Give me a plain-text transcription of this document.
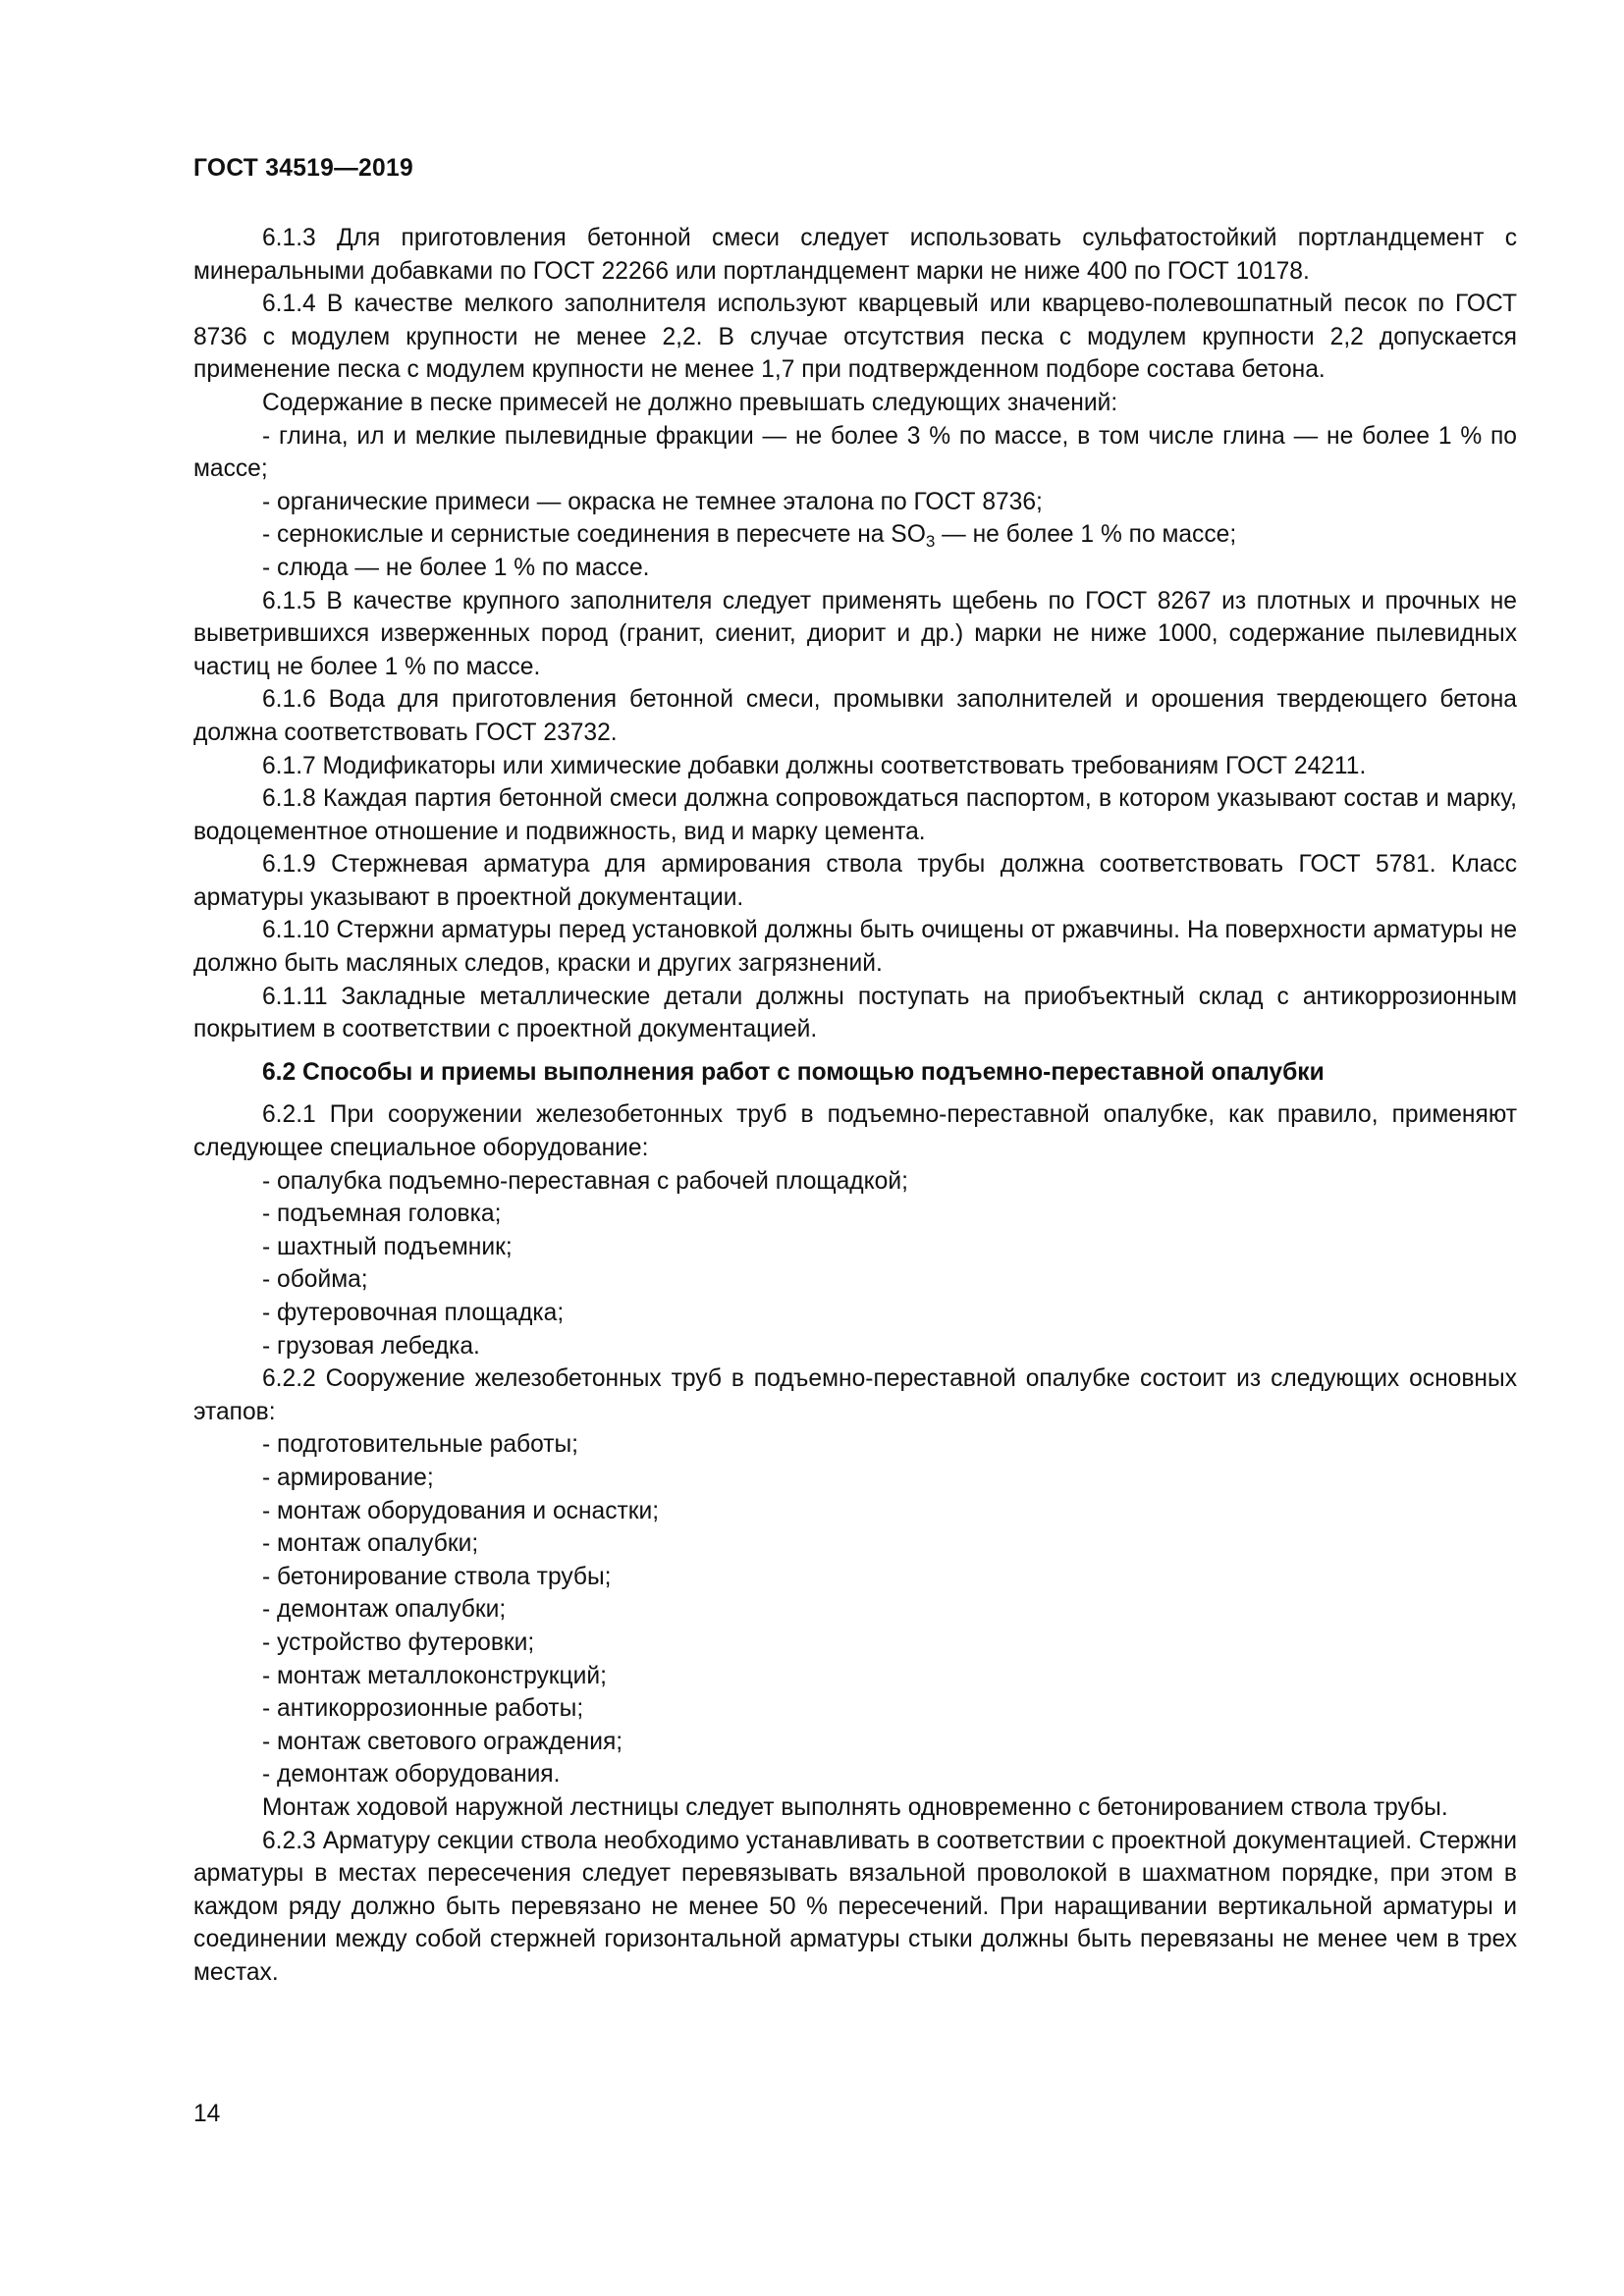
ГОСТ 34519—2019

6.1.3 Для приготовления бетонной смеси следует использовать сульфатостойкий портландцемент с минеральными добавками по ГОСТ 22266 или портландцемент марки не ниже 400 по ГОСТ 10178.

6.1.4 В качестве мелкого заполнителя используют кварцевый или кварцево-полевошпатный песок по ГОСТ 8736 с модулем крупности не менее 2,2. В случае отсутствия песка с модулем крупности 2,2 допускается применение песка с модулем крупности не менее 1,7 при подтвержденном подборе состава бетона.

Содержание в песке примесей не должно превышать следующих значений:

- глина, ил и мелкие пылевидные фракции — не более 3 % по массе, в том числе глина — не более 1 % по массе;

- органические примеси — окраска не темнее эталона по ГОСТ 8736;

- сернокислые и сернистые соединения в пересчете на $SO_3$ — не более 1 % по массе;

- слюда — не более 1 % по массе.

6.1.5 В качестве крупного заполнителя следует применять щебень по ГОСТ 8267 из плотных и прочных не выветрившихся изверженных пород (гранит, сиенит, диорит и др.) марки не ниже 1000, содержание пылевидных частиц не более 1 % по массе.

6.1.6 Вода для приготовления бетонной смеси, промывки заполнителей и орошения твердеющего бетона должна соответствовать ГОСТ 23732.

6.1.7 Модификаторы или химические добавки должны соответствовать требованиям ГОСТ 24211.

6.1.8 Каждая партия бетонной смеси должна сопровождаться паспортом, в котором указывают состав и марку, водоцементное отношение и подвижность, вид и марку цемента.

6.1.9 Стержневая арматура для армирования ствола трубы должна соответствовать ГОСТ 5781. Класс арматуры указывают в проектной документации.

6.1.10 Стержни арматуры перед установкой должны быть очищены от ржавчины. На поверхности арматуры не должно быть масляных следов, краски и других загрязнений.

6.1.11 Закладные металлические детали должны поступать на приобъектный склад с антикоррозионным покрытием в соответствии с проектной документацией.

6.2 Способы и приемы выполнения работ с помощью подъемно-переставной опалубки

6.2.1 При сооружении железобетонных труб в подъемно-переставной опалубке, как правило, применяют следующее специальное оборудование:

- опалубка подъемно-переставная с рабочей площадкой;

- подъемная головка;

- шахтный подъемник;

- обойма;

- футеровочная площадка;

- грузовая лебедка.

6.2.2 Сооружение железобетонных труб в подъемно-переставной опалубке состоит из следующих основных этапов:

- подготовительные работы;

- армирование;

- монтаж оборудования и оснастки;

- монтаж опалубки;

- бетонирование ствола трубы;

- демонтаж опалубки;

- устройство футеровки;

- монтаж металлоконструкций;

- антикоррозионные работы;

- монтаж светового ограждения;

- демонтаж оборудования.

Монтаж ходовой наружной лестницы следует выполнять одновременно с бетонированием ствола трубы.

6.2.3 Арматуру секции ствола необходимо устанавливать в соответствии с проектной документацией. Стержни арматуры в местах пересечения следует перевязывать вязальной проволокой в шахматном порядке, при этом в каждом ряду должно быть перевязано не менее 50 % пересечений. При наращивании вертикальной арматуры и соединении между собой стержней горизонтальной арматуры стыки должны быть перевязаны не менее чем в трех местах.

14
